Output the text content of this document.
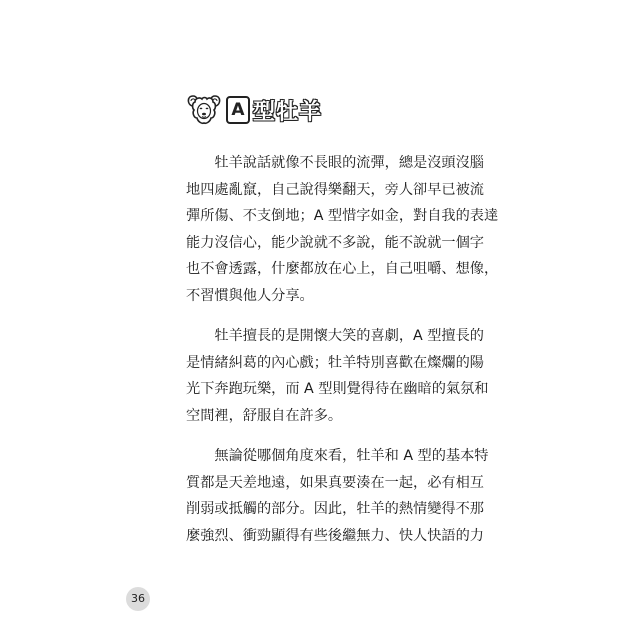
A 型牡羊

　　牡羊說話就像不長眼的流彈，總是沒頭沒腦
地四處亂竄，自己說得樂翻天，旁人卻早已被流
彈所傷、不支倒地；A 型惜字如金，對自我的表達
能力沒信心，能少說就不多說，能不說就一個字
也不會透露，什麼都放在心上，自己咀嚼、想像，
不習慣與他人分享。

　　牡羊擅長的是開懷大笑的喜劇，A 型擅長的
是情緒糾葛的內心戲；牡羊特別喜歡在燦爛的陽
光下奔跑玩樂，而 A 型則覺得待在幽暗的氣氛和
空間裡，舒服自在許多。

　　無論從哪個角度來看，牡羊和 A 型的基本特
質都是天差地遠，如果真要湊在一起，必有相互
削弱或抵觸的部分。因此，牡羊的熱情變得不那
麼強烈、衝勁顯得有些後繼無力、快人快語的力

36
